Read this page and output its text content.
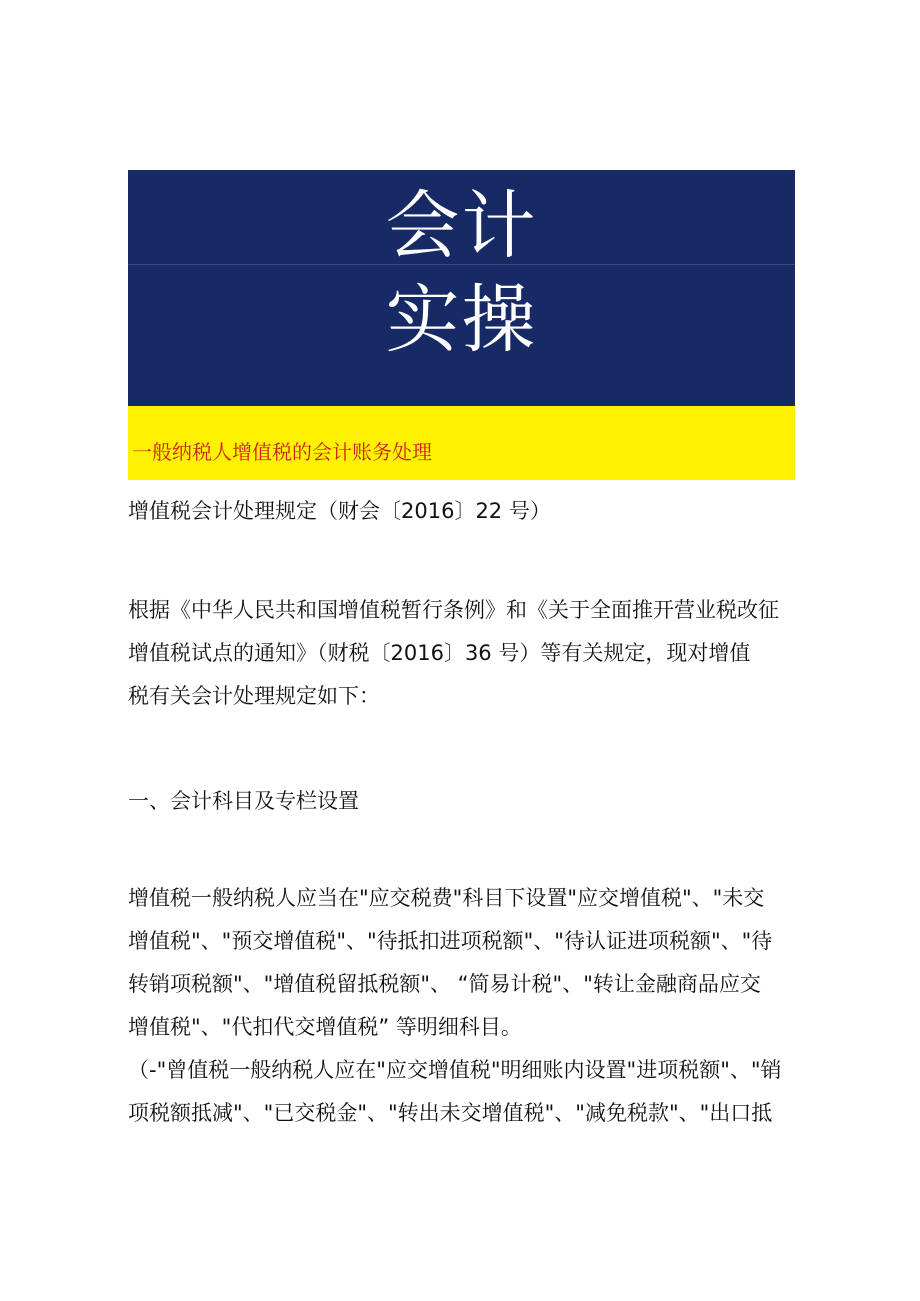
会计
实操
一般纳税人增值税的会计账务处理
增值税会计处理规定（财会〔2016〕22 号）
根据《中华人民共和国增值税暂行条例》和《关于全面推开营业税改征
增值税试点的通知》（财税〔2016〕36 号）等有关规定，现对增值
税有关会计处理规定如下：
一、会计科目及专栏设置
增值税一般纳税人应当在"应交税费"科目下设置"应交增值税"、"未交
增值税"、"预交增值税"、"待抵扣进项税额"、"待认证进项税额"、"待
转销项税额"、"增值税留抵税额"、 “简易计税"、"转让金融商品应交
增值税"、"代扣代交增值税” 等明细科目。
（-"曾值税一般纳税人应在"应交增值税"明细账内设置"进项税额"、"销
项税额抵减"、"已交税金"、"转出未交增值税"、"减免税款"、"出口抵
